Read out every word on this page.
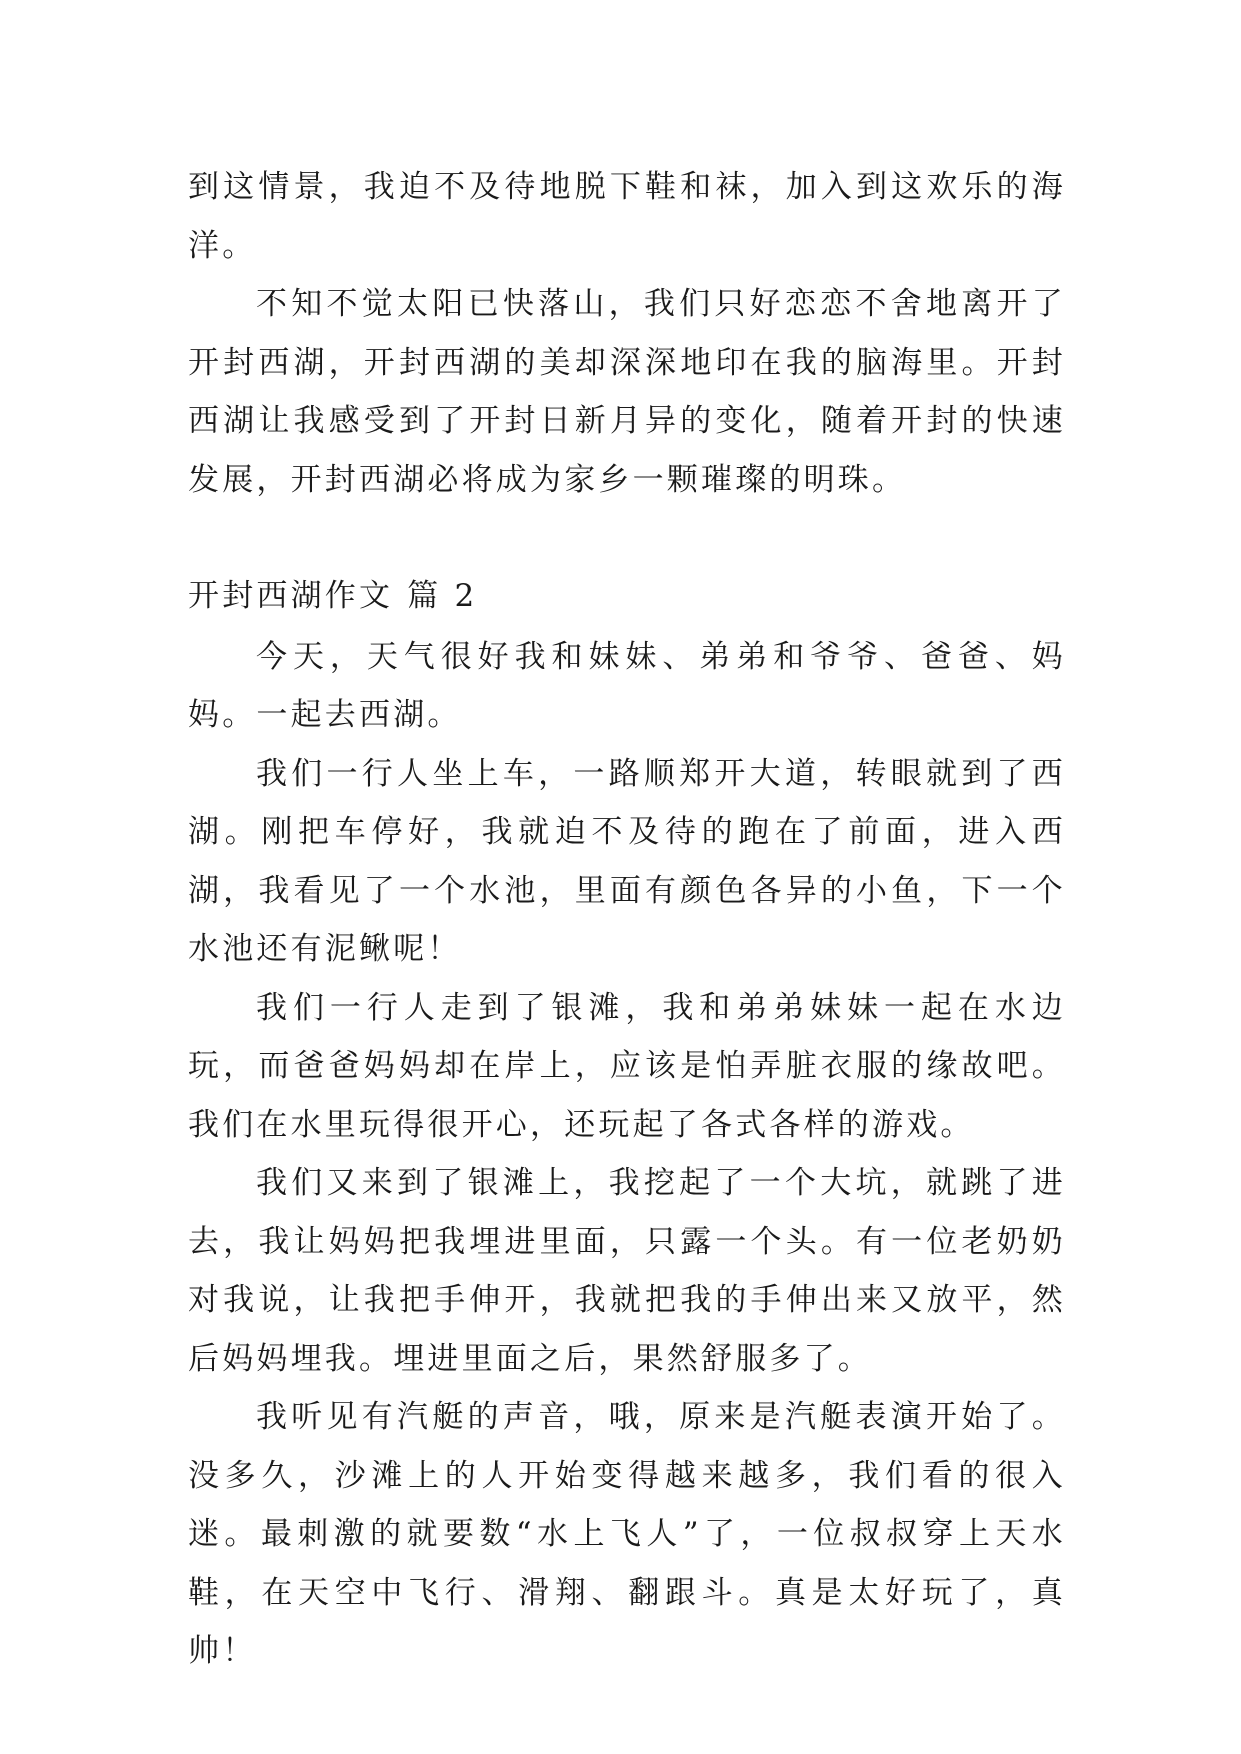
到这情景，我迫不及待地脱下鞋和袜，加入到这欢乐的海洋。

不知不觉太阳已快落山，我们只好恋恋不舍地离开了开封西湖，开封西湖的美却深深地印在我的脑海里。开封西湖让我感受到了开封日新月异的变化，随着开封的快速发展，开封西湖必将成为家乡一颗璀璨的明珠。

开封西湖作文 篇 2

今天，天气很好我和妹妹、弟弟和爷爷、爸爸、妈妈。一起去西湖。

我们一行人坐上车，一路顺郑开大道，转眼就到了西湖。刚把车停好，我就迫不及待的跑在了前面，进入西湖，我看见了一个水池，里面有颜色各异的小鱼，下一个水池还有泥鳅呢！

我们一行人走到了银滩，我和弟弟妹妹一起在水边玩，而爸爸妈妈却在岸上，应该是怕弄脏衣服的缘故吧。我们在水里玩得很开心，还玩起了各式各样的游戏。

我们又来到了银滩上，我挖起了一个大坑，就跳了进去，我让妈妈把我埋进里面，只露一个头。有一位老奶奶对我说，让我把手伸开，我就把我的手伸出来又放平，然后妈妈埋我。埋进里面之后，果然舒服多了。

我听见有汽艇的声音，哦，原来是汽艇表演开始了。没多久，沙滩上的人开始变得越来越多，我们看的很入迷。最刺激的就要数“水上飞人”了，一位叔叔穿上天水鞋，在天空中飞行、滑翔、翻跟斗。真是太好玩了，真帅！
